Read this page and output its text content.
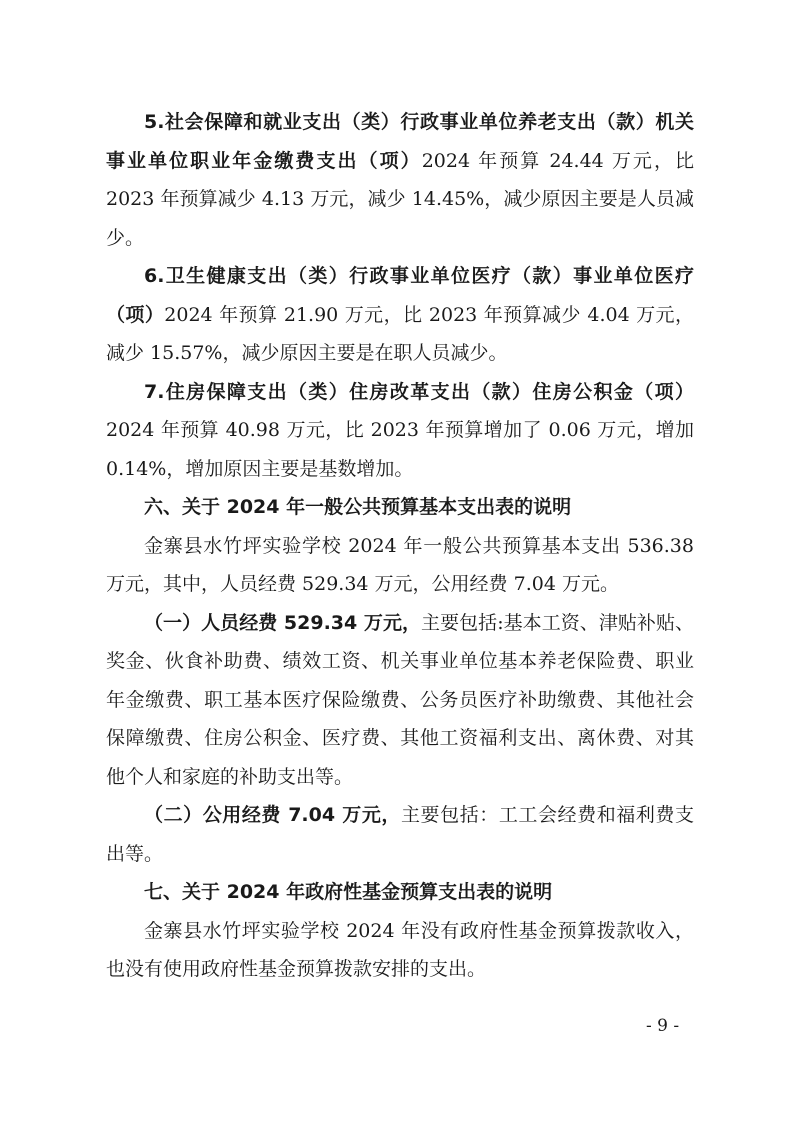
5.社会保障和就业支出（类）行政事业单位养老支出（款）机关事业单位职业年金缴费支出（项）2024 年预算 24.44 万元，比 2023 年预算减少 4.13 万元，减少 14.45%，减少原因主要是人员减少。

6.卫生健康支出（类）行政事业单位医疗（款）事业单位医疗（项）2024 年预算 21.90 万元，比 2023 年预算减少 4.04 万元，减少 15.57%，减少原因主要是在职人员减少。

7.住房保障支出（类）住房改革支出（款）住房公积金（项）2024 年预算 40.98 万元，比 2023 年预算增加了 0.06 万元，增加 0.14%，增加原因主要是基数增加。

六、关于 2024 年一般公共预算基本支出表的说明

金寨县水竹坪实验学校 2024 年一般公共预算基本支出 536.38 万元，其中，人员经费 529.34 万元，公用经费 7.04 万元。

（一）人员经费 529.34 万元，主要包括:基本工资、津贴补贴、奖金、伙食补助费、绩效工资、机关事业单位基本养老保险费、职业年金缴费、职工基本医疗保险缴费、公务员医疗补助缴费、其他社会保障缴费、住房公积金、医疗费、其他工资福利支出、离休费、对其他个人和家庭的补助支出等。

（二）公用经费 7.04 万元，主要包括：工工会经费和福利费支出等。

七、关于 2024 年政府性基金预算支出表的说明

金寨县水竹坪实验学校 2024 年没有政府性基金预算拨款收入，也没有使用政府性基金预算拨款安排的支出。

- 9 -
